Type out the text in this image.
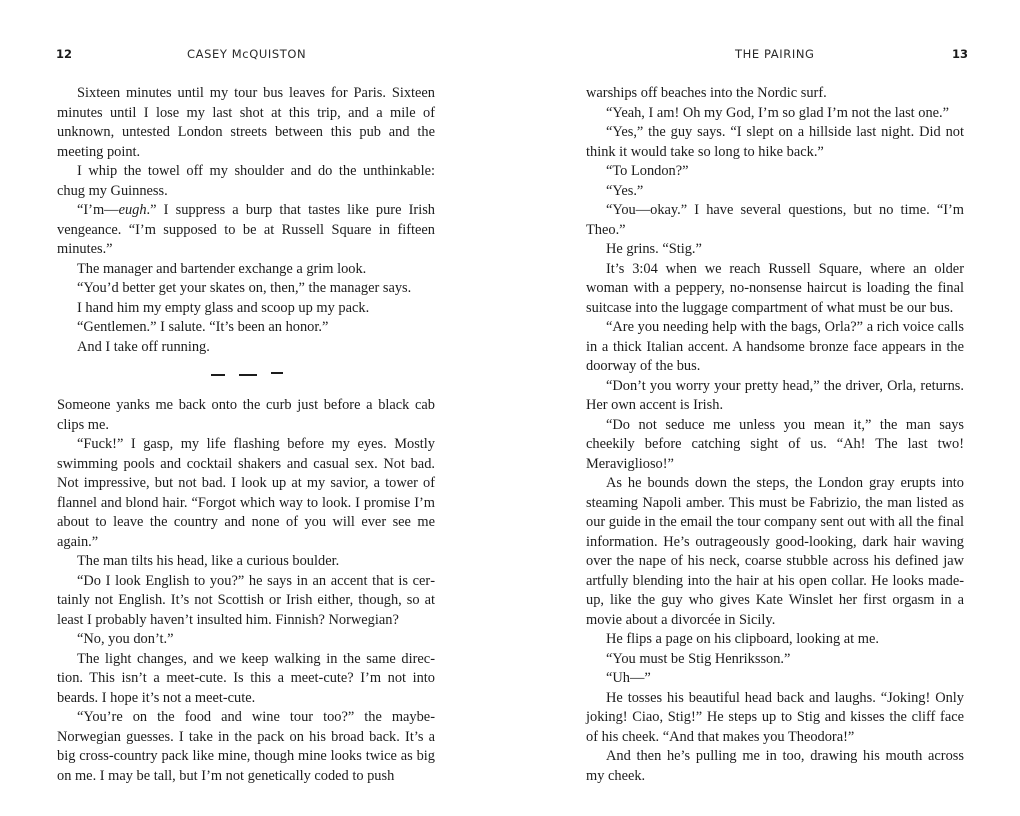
12	CASEY McQUISTON

Sixteen minutes until my tour bus leaves for Paris. Sixteen minutes until I lose my last shot at this trip, and a mile of unknown, untested London streets between this pub and the meeting point.

I whip the towel off my shoulder and do the unthinkable: chug my Guinness.

“I’m—eugh.” I suppress a burp that tastes like pure Irish vengeance. “I’m supposed to be at Russell Square in fifteen minutes.”

The manager and bartender exchange a grim look.

“You’d better get your skates on, then,” the manager says.

I hand him my empty glass and scoop up my pack.

“Gentlemen.” I salute. “It’s been an honor.”

And I take off running.

Someone yanks me back onto the curb just before a black cab clips me.

“Fuck!” I gasp, my life flashing before my eyes. Mostly swimming pools and cocktail shakers and casual sex. Not bad. Not impressive, but not bad. I look up at my savior, a tower of flannel and blond hair. “Forgot which way to look. I promise I’m about to leave the country and none of you will ever see me again.”

The man tilts his head, like a curious boulder.

“Do I look English to you?” he says in an accent that is certainly not English. It’s not Scottish or Irish either, though, so at least I probably haven’t insulted him. Finnish? Norwegian?

“No, you don’t.”

The light changes, and we keep walking in the same direction. This isn’t a meet-cute. Is this a meet-cute? I’m not into beards. I hope it’s not a meet-cute.

“You’re on the food and wine tour too?” the maybe-Norwegian guesses. I take in the pack on his broad back. It’s a big cross-country pack like mine, though mine looks twice as big on me. I may be tall, but I’m not genetically coded to push

THE PAIRING	13

warships off beaches into the Nordic surf.

“Yeah, I am! Oh my God, I’m so glad I’m not the last one.”

“Yes,” the guy says. “I slept on a hillside last night. Did not think it would take so long to hike back.”

“To London?”

“Yes.”

“You—okay.” I have several questions, but no time. “I’m Theo.”

He grins. “Stig.”

It’s 3:04 when we reach Russell Square, where an older woman with a peppery, no-nonsense haircut is loading the final suitcase into the luggage compartment of what must be our bus.

“Are you needing help with the bags, Orla?” a rich voice calls in a thick Italian accent. A handsome bronze face appears in the doorway of the bus.

“Don’t you worry your pretty head,” the driver, Orla, returns. Her own accent is Irish.

“Do not seduce me unless you mean it,” the man says cheekily before catching sight of us. “Ah! The last two! Meraviglioso!”

As he bounds down the steps, the London gray erupts into steaming Napoli amber. This must be Fabrizio, the man listed as our guide in the email the tour company sent out with all the final information. He’s outrageously good-looking, dark hair waving over the nape of his neck, coarse stubble across his defined jaw artfully blending into the hair at his open collar. He looks made-up, like the guy who gives Kate Winslet her first orgasm in a movie about a divorcée in Sicily.

He flips a page on his clipboard, looking at me.

“You must be Stig Henriksson.”

“Uh—”

He tosses his beautiful head back and laughs. “Joking! Only joking! Ciao, Stig!” He steps up to Stig and kisses the cliff face of his cheek. “And that makes you Theodora!”

And then he’s pulling me in too, drawing his mouth across my cheek.
